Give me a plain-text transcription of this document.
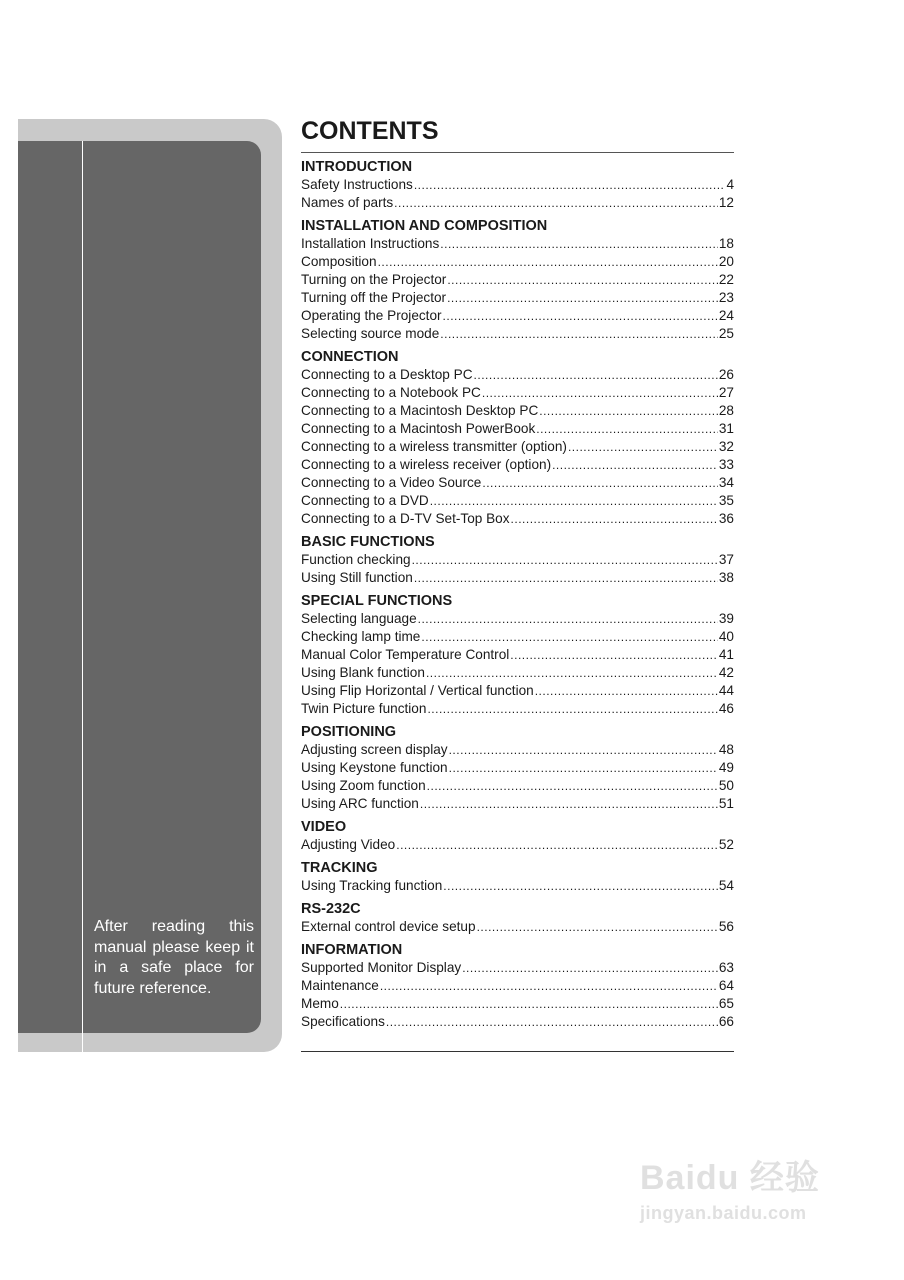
After reading this manual please keep it in a safe place for future reference.
CONTENTS
INTRODUCTION
Safety Instructions .....	4
Names of parts .....	12
INSTALLATION AND COMPOSITION
Installation Instructions .....	18
Composition .....	20
Turning on the Projector .....	22
Turning off the Projector .....	23
Operating the Projector .....	24
Selecting source mode .....	25
CONNECTION
Connecting to a Desktop PC .....	26
Connecting to a Notebook PC .....	27
Connecting to a Macintosh Desktop PC .....	28
Connecting to a Macintosh PowerBook .....	31
Connecting to a wireless transmitter (option) .....	32
Connecting to a wireless receiver (option) .....	33
Connecting to a Video Source .....	34
Connecting to a DVD .....	35
Connecting to a D-TV Set-Top Box .....	36
BASIC FUNCTIONS
Function checking .....	37
Using Still function .....	38
SPECIAL FUNCTIONS
Selecting language .....	39
Checking lamp time .....	40
Manual Color Temperature Control .....	41
Using Blank function .....	42
Using Flip Horizontal / Vertical function .....	44
Twin Picture function .....	46
POSITIONING
Adjusting screen display .....	48
Using Keystone function .....	49
Using Zoom function .....	50
Using ARC function .....	51
VIDEO
Adjusting Video .....	52
TRACKING
Using Tracking function .....	54
RS-232C
External control device setup .....	56
INFORMATION
Supported Monitor Display .....	63
Maintenance .....	64
Memo .....	65
Specifications .....	66
Baidu 经验
jingyan.baidu.com
